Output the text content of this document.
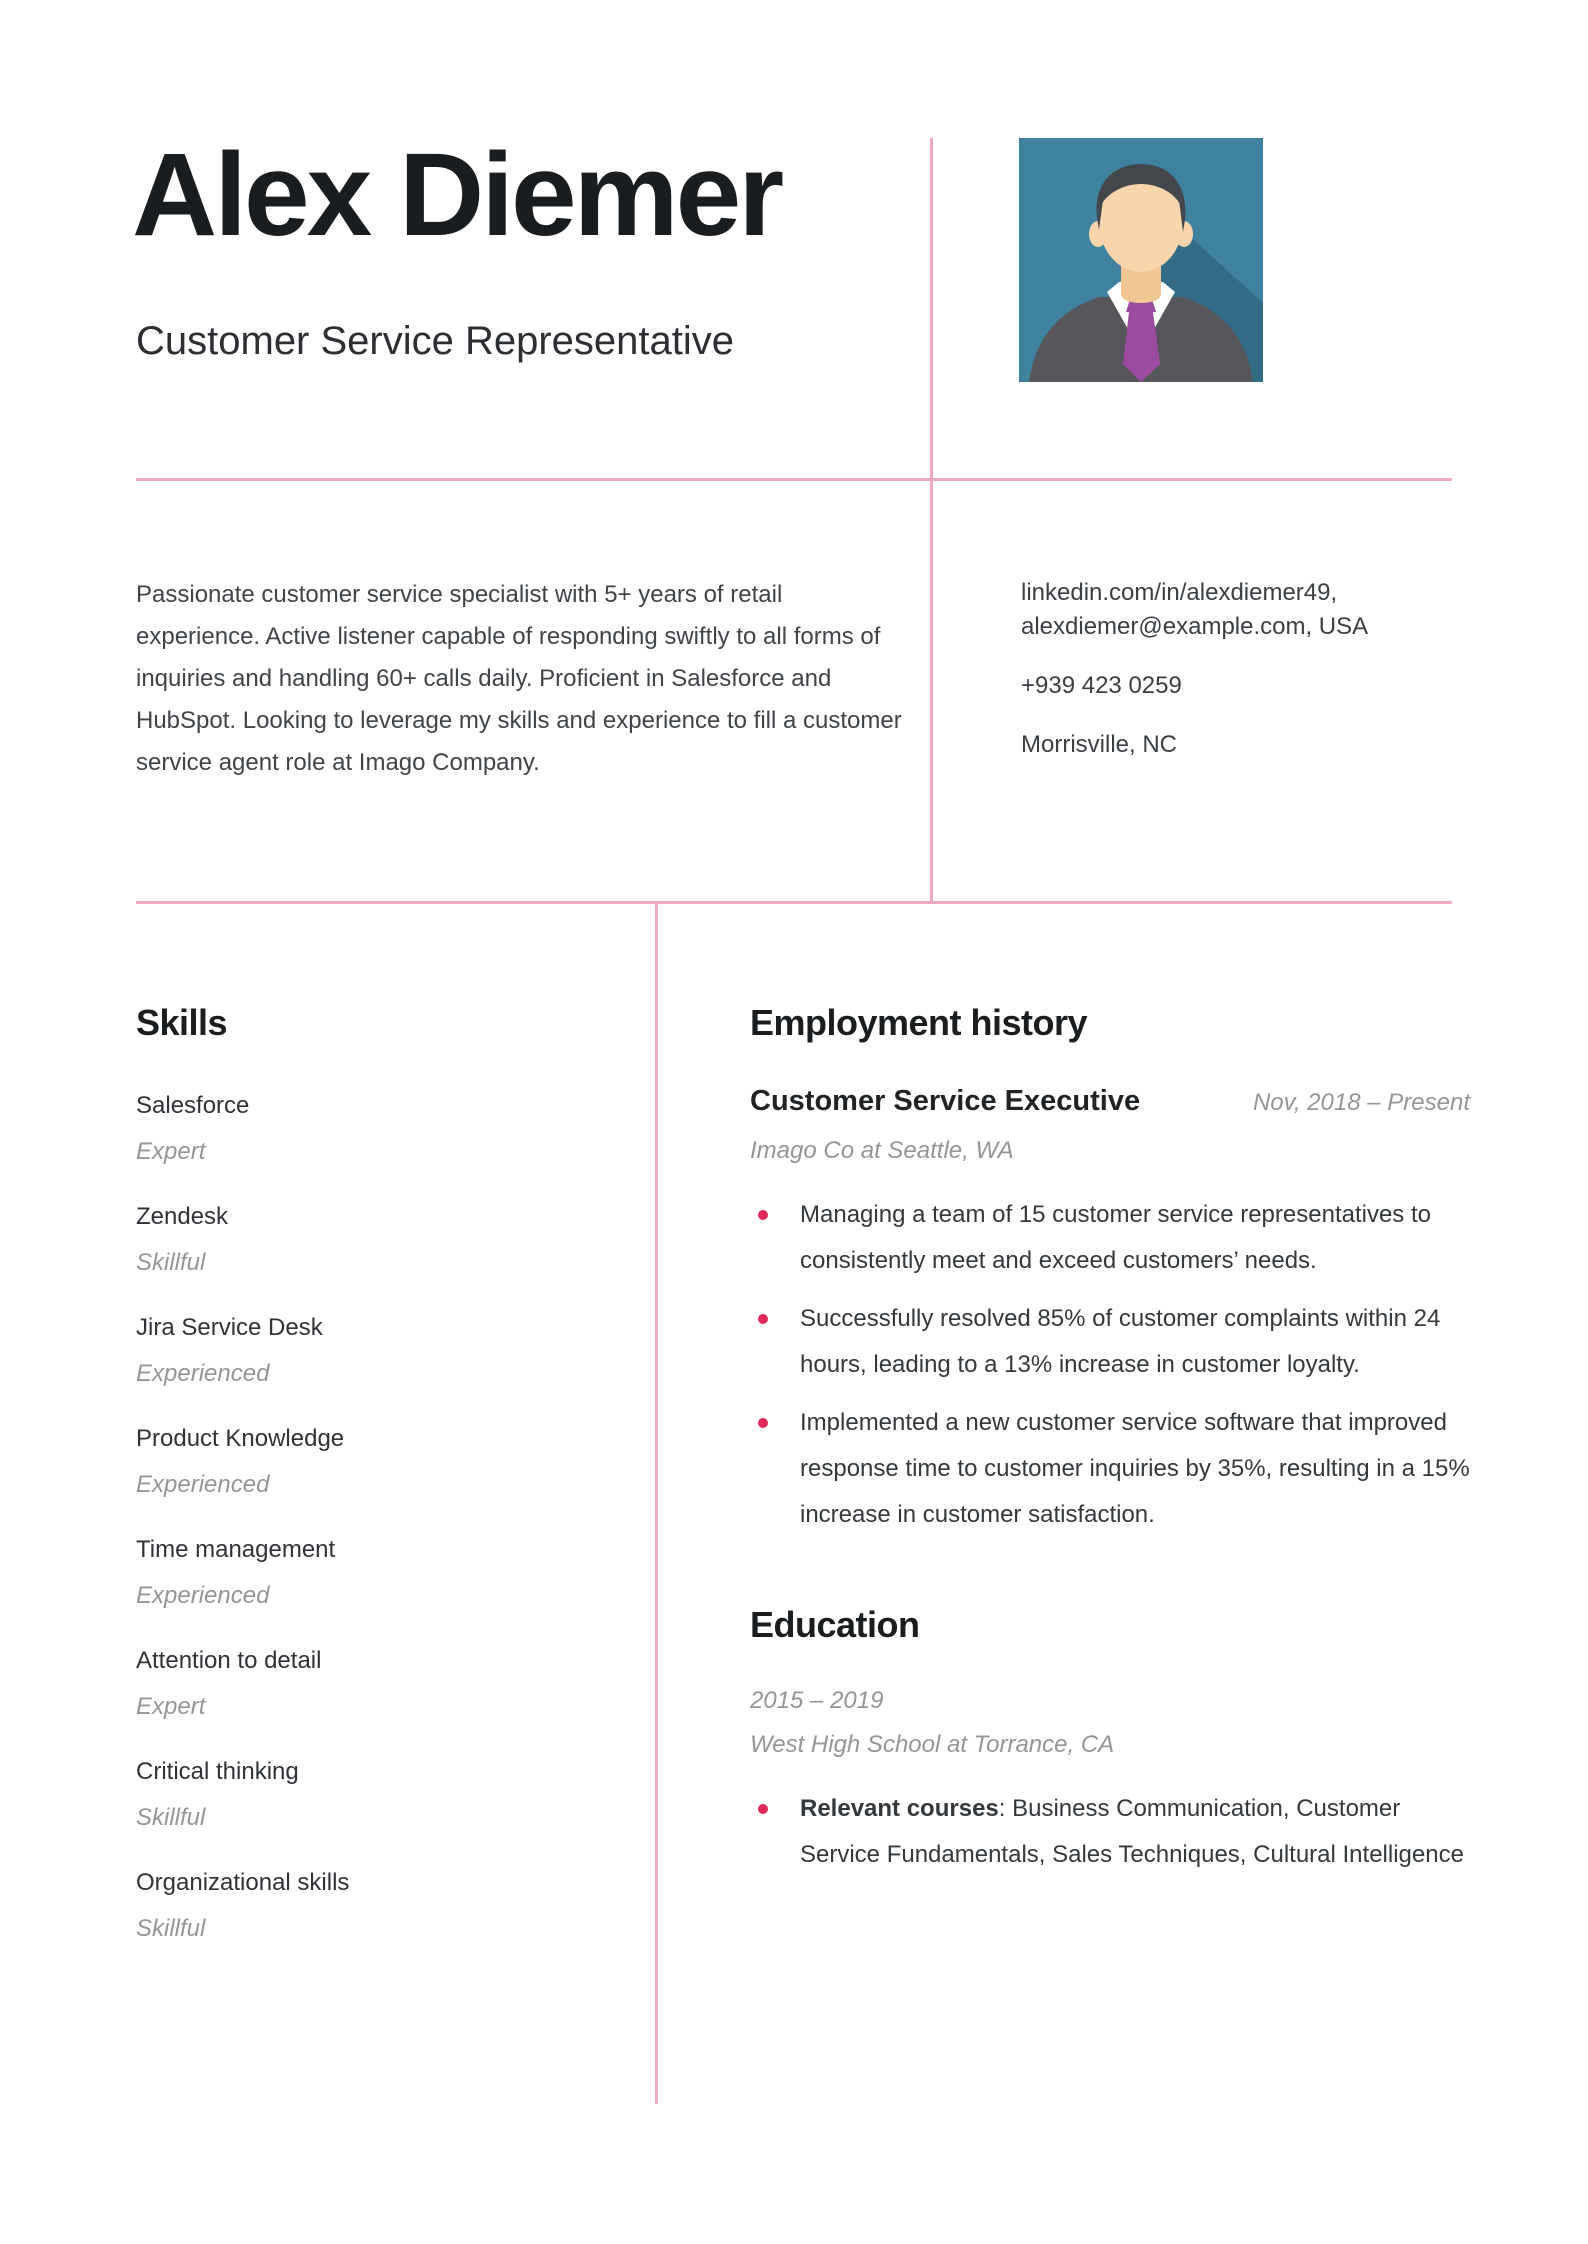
Alex Diemer
Customer Service Representative
Passionate customer service specialist with 5+ years of retail experience. Active listener capable of responding swiftly to all forms of inquiries and handling 60+ calls daily. Proficient in Salesforce and HubSpot. Looking to leverage my skills and experience to fill a customer service agent role at Imago Company.

linkedin.com/in/alexdiemer49,
alexdiemer@example.com, USA

+939 423 0259

Morrisville, NC

Skills
Salesforce
Expert
Zendesk
Skillful
Jira Service Desk
Experienced
Product Knowledge
Experienced
Time management
Experienced
Attention to detail
Expert
Critical thinking
Skillful
Organizational skills
Skillful
Employment history
Customer Service Executive	Nov, 2018 – Present
Imago Co at Seattle, WA
Managing a team of 15 customer service representatives to consistently meet and exceed customers’ needs.
Successfully resolved 85% of customer complaints within 24 hours, leading to a 13% increase in customer loyalty.
Implemented a new customer service software that improved response time to customer inquiries by 35%, resulting in a 15% increase in customer satisfaction.
Education
2015 – 2019
West High School at Torrance, CA
Relevant courses: Business Communication, Customer Service Fundamentals, Sales Techniques, Cultural Intelligence
